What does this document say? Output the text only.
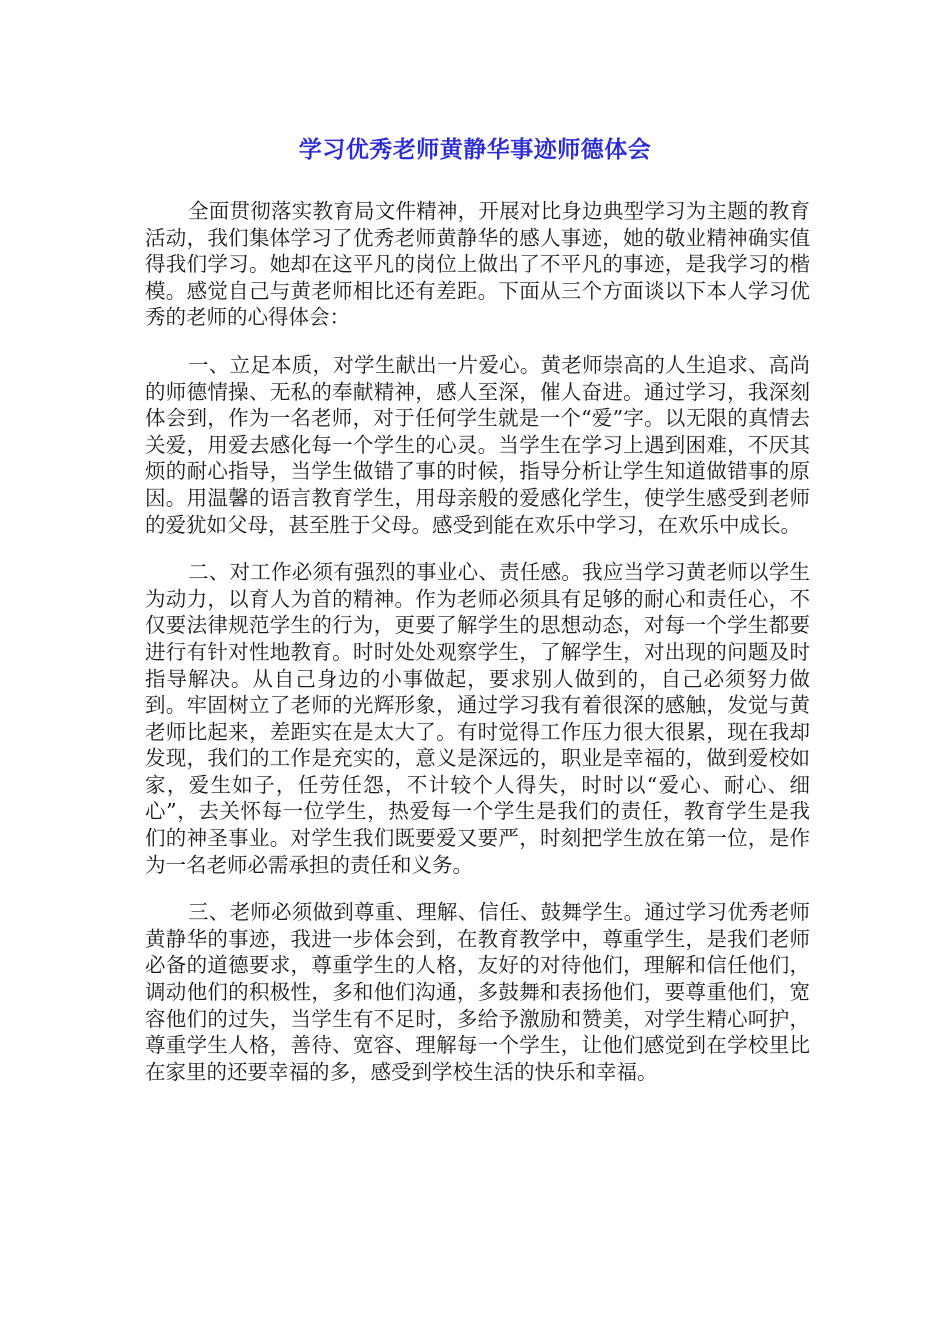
学习优秀老师黄静华事迹师德体会

全面贯彻落实教育局文件精神，开展对比身边典型学习为主题的教育活动，我们集体学习了优秀老师黄静华的感人事迹，她的敬业精神确实值得我们学习。她却在这平凡的岗位上做出了不平凡的事迹，是我学习的楷模。感觉自己与黄老师相比还有差距。下面从三个方面谈以下本人学习优秀的老师的心得体会：

一、立足本质，对学生献出一片爱心。黄老师崇高的人生追求、高尚的师德情操、无私的奉献精神，感人至深，催人奋进。通过学习，我深刻体会到，作为一名老师，对于任何学生就是一个“爱”字。以无限的真情去关爱，用爱去感化每一个学生的心灵。当学生在学习上遇到困难，不厌其烦的耐心指导，当学生做错了事的时候，指导分析让学生知道做错事的原因。用温馨的语言教育学生，用母亲般的爱感化学生，使学生感受到老师的爱犹如父母，甚至胜于父母。感受到能在欢乐中学习，在欢乐中成长。

二、对工作必须有强烈的事业心、责任感。我应当学习黄老师以学生为动力，以育人为首的精神。作为老师必须具有足够的耐心和责任心，不仅要法律规范学生的行为，更要了解学生的思想动态，对每一个学生都要进行有针对性地教育。时时处处观察学生，了解学生，对出现的问题及时指导解决。从自己身边的小事做起，要求别人做到的，自己必须努力做到。牢固树立了老师的光辉形象，通过学习我有着很深的感触，发觉与黄老师比起来，差距实在是太大了。有时觉得工作压力很大很累，现在我却发现，我们的工作是充实的，意义是深远的，职业是幸福的，做到爱校如家，爱生如子，任劳任怨，不计较个人得失，时时以“爱心、耐心、细心”，去关怀每一位学生，热爱每一个学生是我们的责任，教育学生是我们的神圣事业。对学生我们既要爱又要严，时刻把学生放在第一位，是作为一名老师必需承担的责任和义务。

三、老师必须做到尊重、理解、信任、鼓舞学生。通过学习优秀老师黄静华的事迹，我进一步体会到，在教育教学中，尊重学生，是我们老师必备的道德要求，尊重学生的人格，友好的对待他们，理解和信任他们，调动他们的积极性，多和他们沟通，多鼓舞和表扬他们，要尊重他们，宽容他们的过失，当学生有不足时，多给予激励和赞美，对学生精心呵护，尊重学生人格，善待、宽容、理解每一个学生，让他们感觉到在学校里比在家里的还要幸福的多，感受到学校生活的快乐和幸福。
